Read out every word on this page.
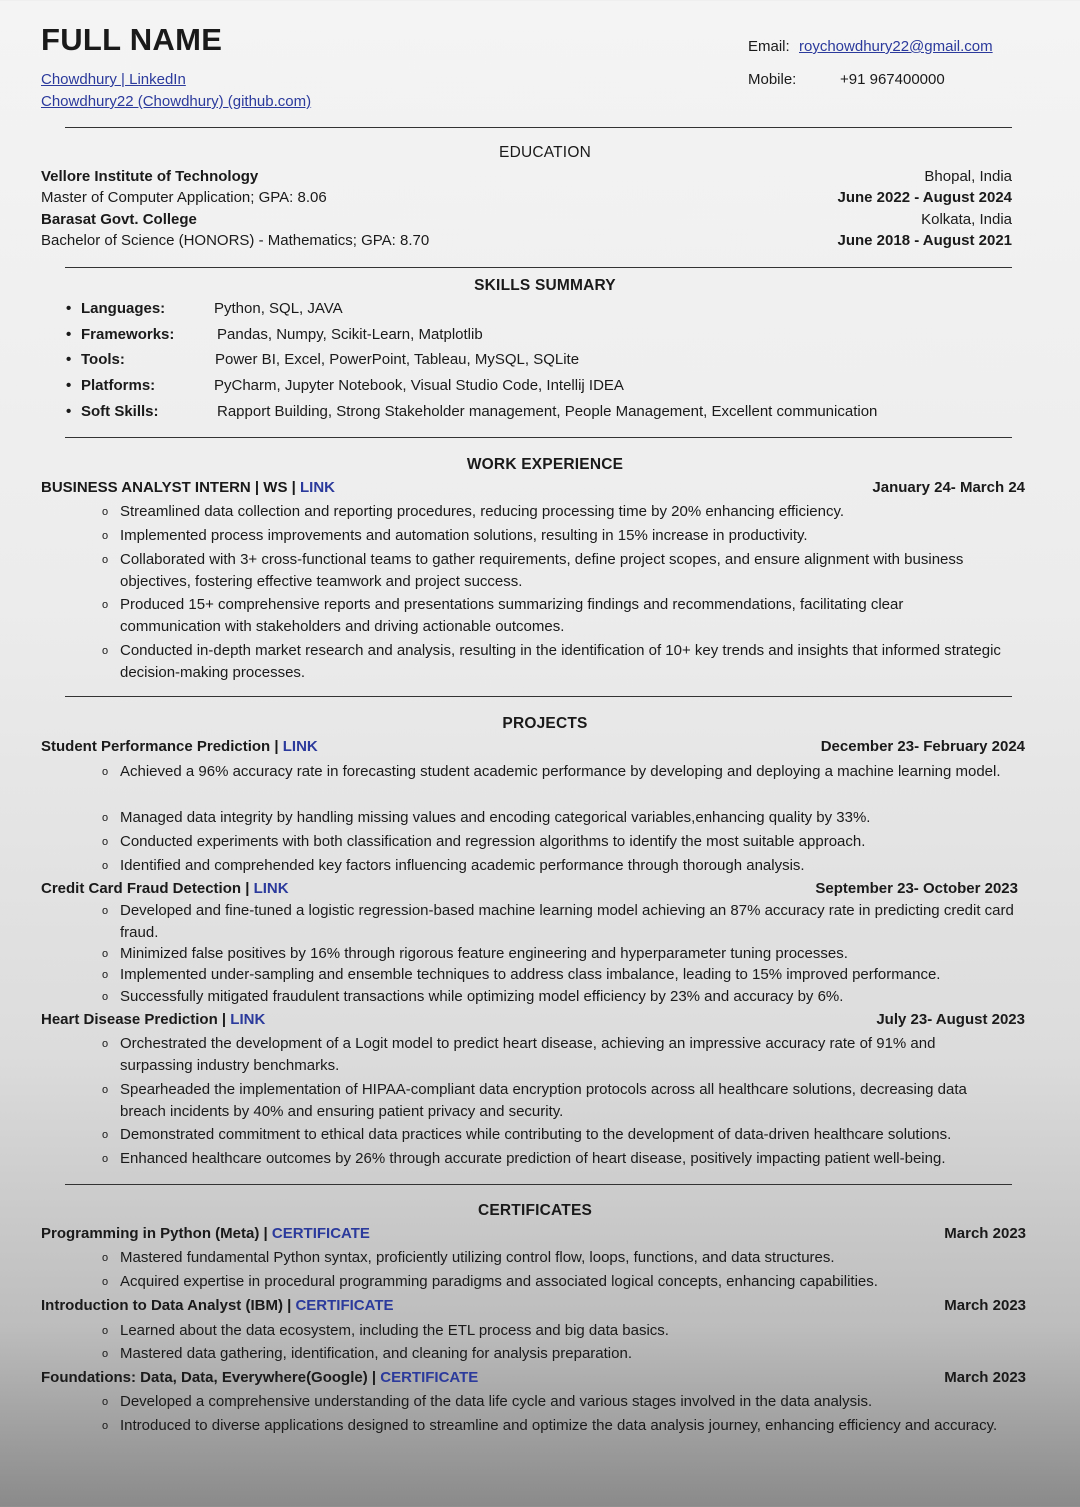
FULL NAME
Chowdhury | LinkedIn
Chowdhury22 (Chowdhury) (github.com)
Email: roychowdhury22@gmail.com
Mobile:	+91 967400000
EDUCATION
Vellore Institute of Technology	Bhopal, India
Master of Computer Application; GPA: 8.06	June 2022 - August 2024
Barasat Govt. College	Kolkata, India
Bachelor of Science (HONORS) - Mathematics; GPA: 8.70	June 2018 - August 2021
SKILLS SUMMARY
• Languages:	Python, SQL, JAVA
• Frameworks:	Pandas, Numpy, Scikit-Learn, Matplotlib
• Tools:	Power BI, Excel, PowerPoint, Tableau, MySQL, SQLite
• Platforms:	PyCharm, Jupyter Notebook, Visual Studio Code, Intellij IDEA
• Soft Skills:	Rapport Building, Strong Stakeholder management, People Management, Excellent communication
WORK EXPERIENCE
BUSINESS ANALYST INTERN | WS | LINK	January 24- March 24
o Streamlined data collection and reporting procedures, reducing processing time by 20% enhancing efficiency.
o Implemented process improvements and automation solutions, resulting in 15% increase in productivity.
o Collaborated with 3+ cross-functional teams to gather requirements, define project scopes, and ensure alignment with business objectives, fostering effective teamwork and project success.
o Produced 15+ comprehensive reports and presentations summarizing findings and recommendations, facilitating clear communication with stakeholders and driving actionable outcomes.
o Conducted in-depth market research and analysis, resulting in the identification of 10+ key trends and insights that informed strategic decision-making processes.
PROJECTS
Student Performance Prediction | LINK	December 23- February 2024
o Achieved a 96% accuracy rate in forecasting student academic performance by developing and deploying a machine learning model.
o Managed data integrity by handling missing values and encoding categorical variables,enhancing quality by 33%.
o Conducted experiments with both classification and regression algorithms to identify the most suitable approach.
o Identified and comprehended key factors influencing academic performance through thorough analysis.
Credit Card Fraud Detection | LINK	September 23- October 2023
o Developed and fine-tuned a logistic regression-based machine learning model achieving an 87% accuracy rate in predicting credit card fraud.
o Minimized false positives by 16% through rigorous feature engineering and hyperparameter tuning processes.
o Implemented under-sampling and ensemble techniques to address class imbalance, leading to 15% improved performance.
o Successfully mitigated fraudulent transactions while optimizing model efficiency by 23% and accuracy by 6%.
Heart Disease Prediction | LINK	July 23- August 2023
o Orchestrated the development of a Logit model to predict heart disease, achieving an impressive accuracy rate of 91% and surpassing industry benchmarks.
o Spearheaded the implementation of HIPAA-compliant data encryption protocols across all healthcare solutions, decreasing data breach incidents by 40% and ensuring patient privacy and security.
o Demonstrated commitment to ethical data practices while contributing to the development of data-driven healthcare solutions.
o Enhanced healthcare outcomes by 26% through accurate prediction of heart disease, positively impacting patient well-being.
CERTIFICATES
Programming in Python (Meta) | CERTIFICATE	March 2023
o Mastered fundamental Python syntax, proficiently utilizing control flow, loops, functions, and data structures.
o Acquired expertise in procedural programming paradigms and associated logical concepts, enhancing capabilities.
Introduction to Data Analyst (IBM) | CERTIFICATE	March 2023
o Learned about the data ecosystem, including the ETL process and big data basics.
o Mastered data gathering, identification, and cleaning for analysis preparation.
Foundations: Data, Data, Everywhere(Google) | CERTIFICATE	March 2023
o Developed a comprehensive understanding of the data life cycle and various stages involved in the data analysis.
o Introduced to diverse applications designed to streamline and optimize the data analysis journey, enhancing efficiency and accuracy.
